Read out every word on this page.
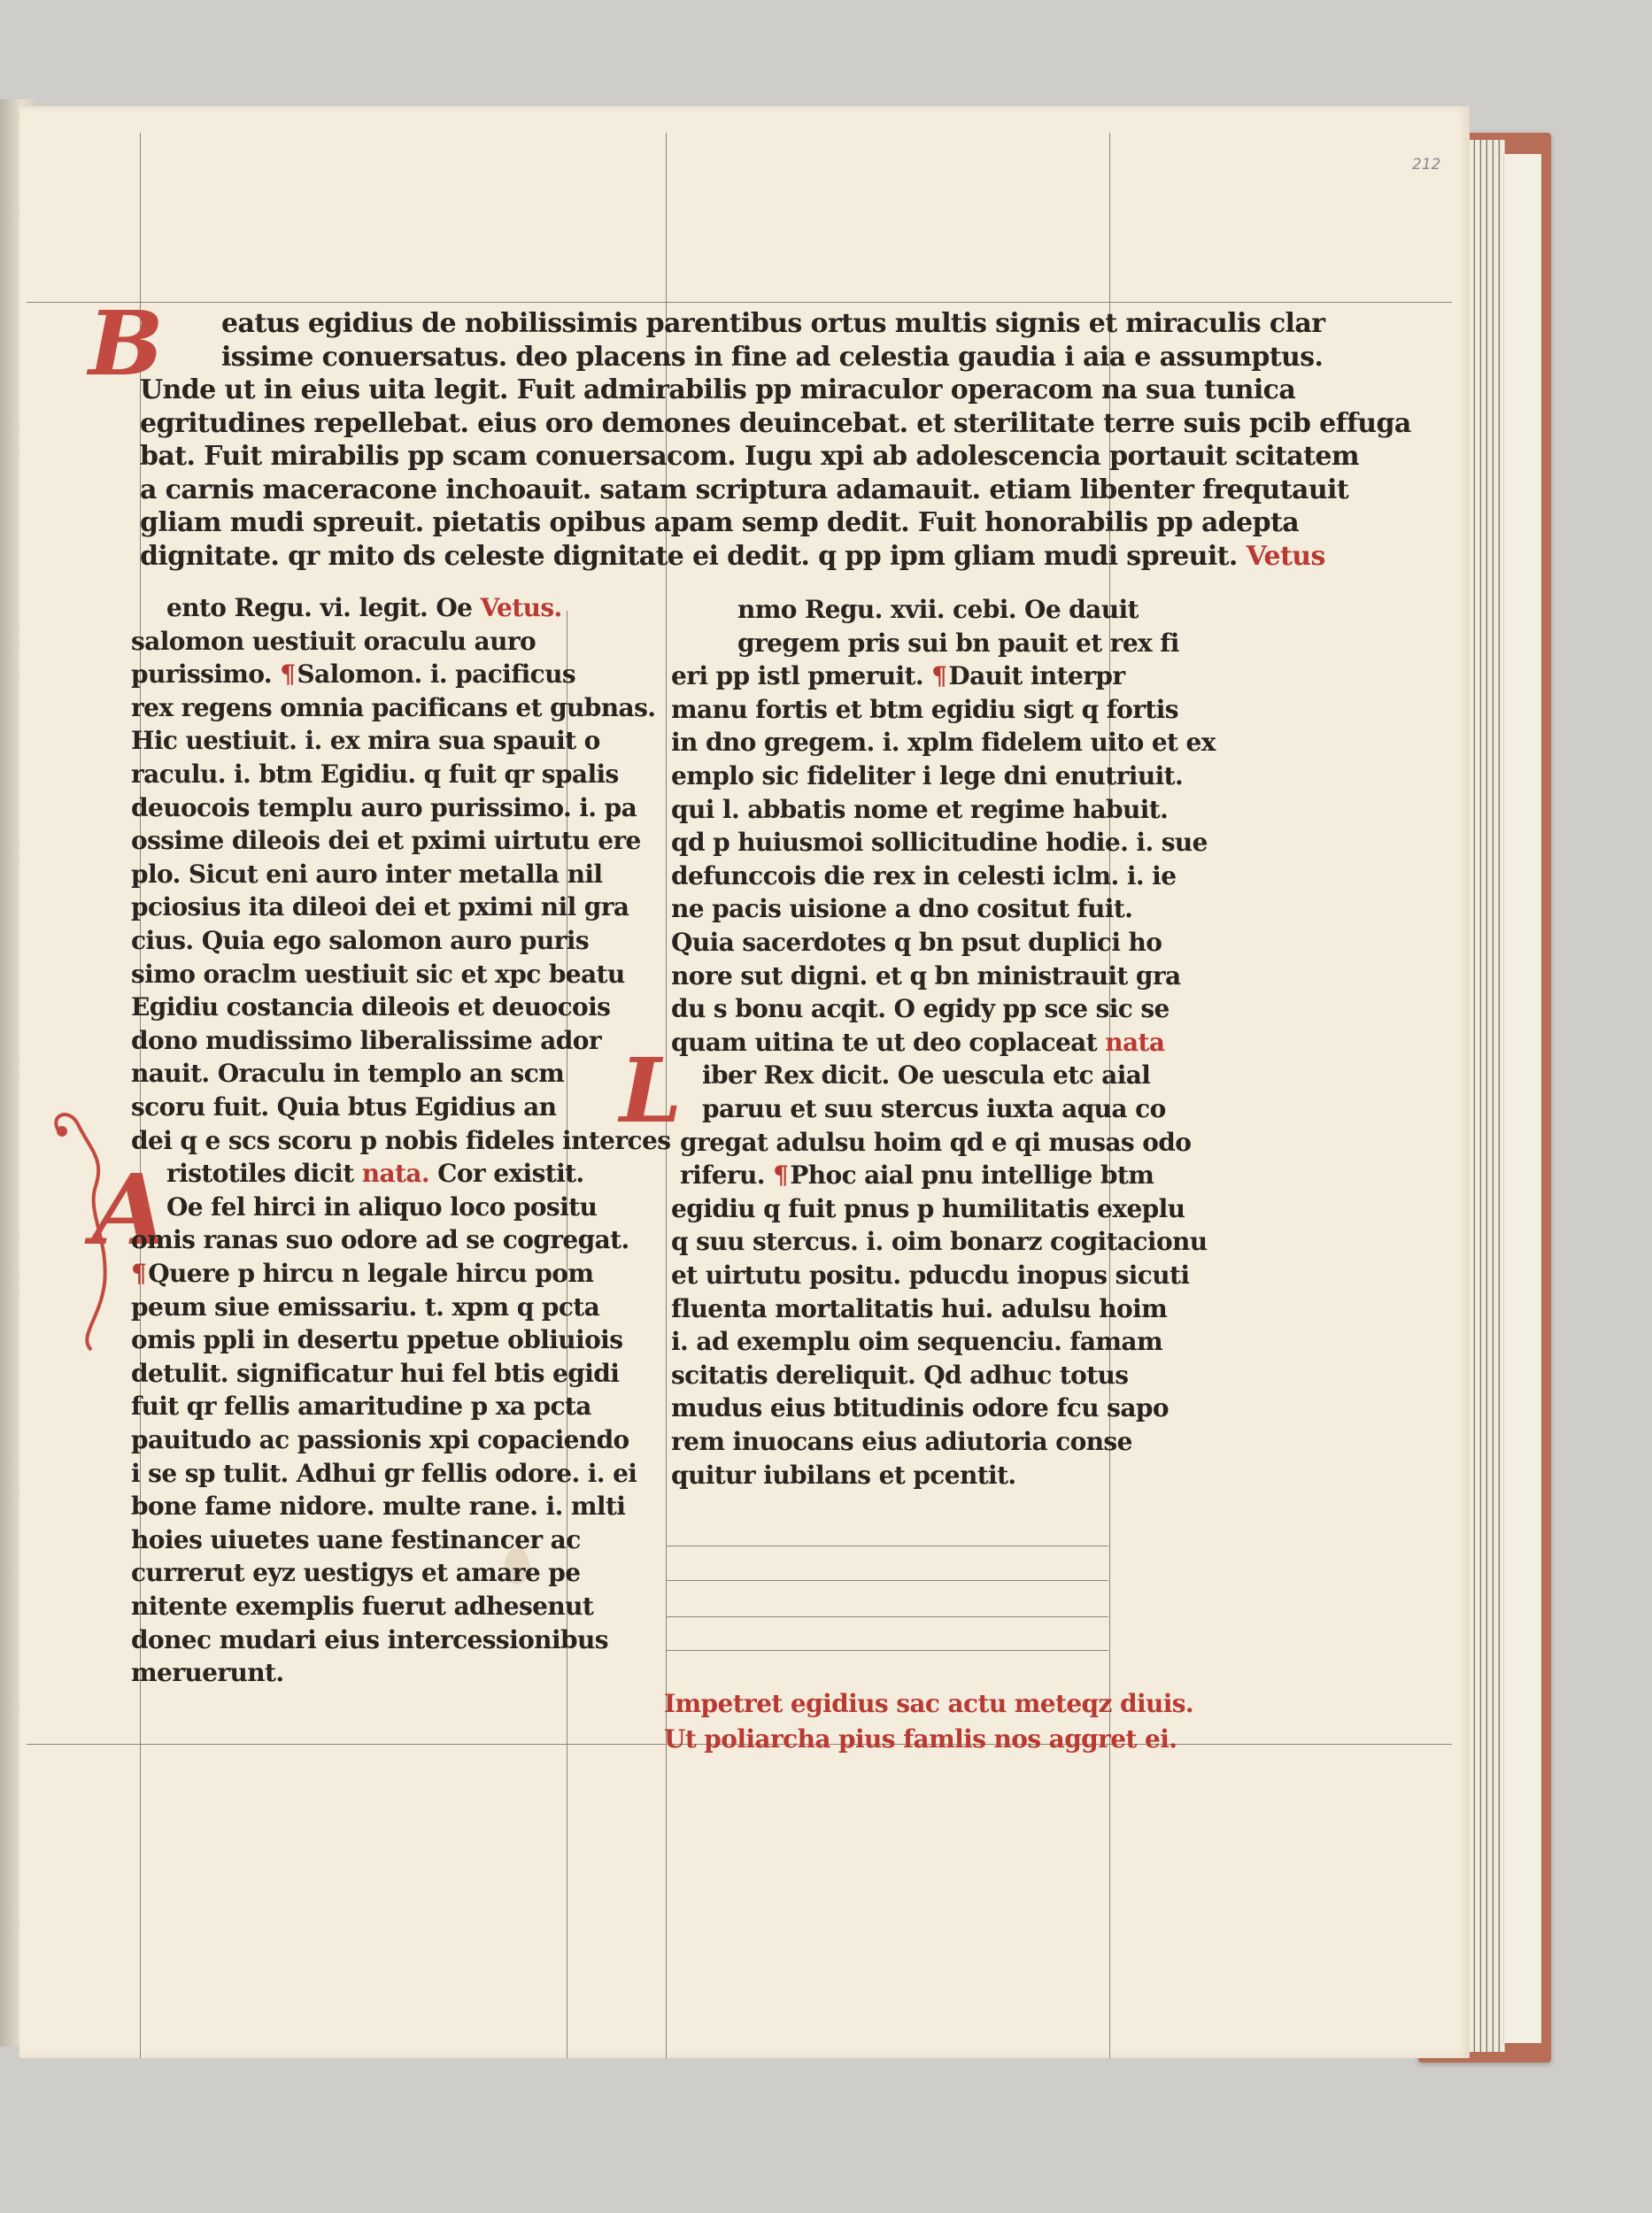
212
B
A
L
eatus egidius de nobilissimis parentibus ortus multis signis et miraculis clar
issime conuersatus. deo placens in fine ad celestia gaudia i aia e assumptus.
Unde ut in eius uita legit. Fuit admirabilis pp miraculor operacom na sua tunica
egritudines repellebat. eius oro demones deuincebat. et sterilitate terre suis pcib effuga
bat. Fuit mirabilis pp scam conuersacom. Iugu xpi ab adolescencia portauit scitatem
a carnis maceracone inchoauit. satam scriptura adamauit. etiam libenter frequtauit
gliam mudi spreuit. pietatis opibus apam semp dedit. Fuit honorabilis pp adepta
dignitate. qr mito ds celeste dignitate ei dedit. q pp ipm gliam mudi spreuit. Vetus
ento Regu. vi. legit. Oe Vetus.
salomon uestiuit oraculu auro
purissimo. ¶Salomon. i. pacificus
rex regens omnia pacificans et gubnas.
Hic uestiuit. i. ex mira sua spauit o
raculu. i. btm Egidiu. q fuit qr spalis
deuocois templu auro purissimo. i. pa
ossime dileois dei et pximi uirtutu ere
plo. Sicut eni auro inter metalla nil
pciosius ita dileoi dei et pximi nil gra
cius. Quia ego salomon auro puris
simo oraclm uestiuit sic et xpc beatu
Egidiu costancia dileois et deuocois
dono mudissimo liberalissime ador
nauit. Oraculu in templo an scm
scoru fuit. Quia btus Egidius an
dei q e scs scoru p nobis fideles interces
ristotiles dicit nata. Cor existit.
Oe fel hirci in aliquo loco positu
omis ranas suo odore ad se cogregat.
¶Quere p hircu n legale hircu pom
peum siue emissariu. t. xpm q pcta
omis ppli in desertu ppetue obliuiois
detulit. significatur hui fel btis egidi
fuit qr fellis amaritudine p xa pcta
pauitudo ac passionis xpi copaciendo
i se sp tulit. Adhui gr fellis odore. i. ei
bone fame nidore. multe rane. i. mlti
hoies uiuetes uane festinancer ac
currerut eyz uestigys et amare pe
nitente exemplis fuerut adhesenut
donec mudari eius intercessionibus
meruerunt.
nmo Regu. xvii. cebi. Oe dauit
gregem pris sui bn pauit et rex fi
eri pp istl pmeruit. ¶Dauit interpr
manu fortis et btm egidiu sigt q fortis
in dno gregem. i. xplm fidelem uito et ex
emplo sic fideliter i lege dni enutriuit.
qui l. abbatis nome et regime habuit.
qd p huiusmoi sollicitudine hodie. i. sue
defunccois die rex in celesti iclm. i. ie
ne pacis uisione a dno cositut fuit.
Quia sacerdotes q bn psut duplici ho
nore sut digni. et q bn ministrauit gra
du s bonu acqit. O egidy pp sce sic se
quam uitina te ut deo coplaceat nata
iber Rex dicit. Oe uescula etc aial
paruu et suu stercus iuxta aqua co
gregat adulsu hoim qd e qi musas odo
riferu. ¶Phoc aial pnu intellige btm
egidiu q fuit pnus p humilitatis exeplu
q suu stercus. i. oim bonarz cogitacionu
et uirtutu positu. pducdu inopus sicuti
fluenta mortalitatis hui. adulsu hoim
i. ad exemplu oim sequenciu. famam
scitatis dereliquit. Qd adhuc totus
mudus eius btitudinis odore fcu sapo
rem inuocans eius adiutoria conse
quitur iubilans et pcentit.
Impetret egidius sac actu meteqz diuis.
Ut poliarcha pius famlis nos aggret ei.
